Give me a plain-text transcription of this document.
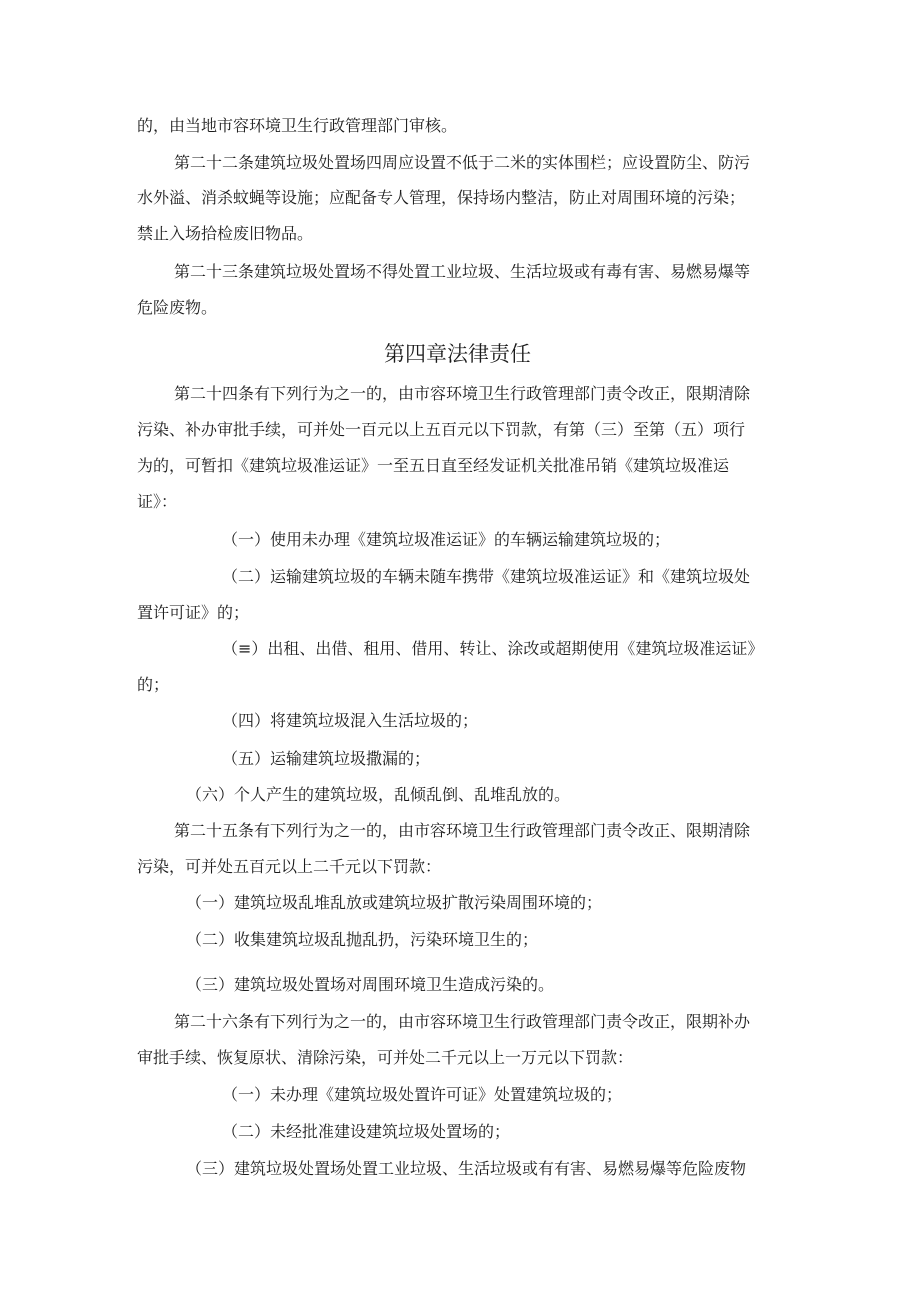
的，由当地市容环境卫生行政管理部门审核。
第二十二条建筑垃圾处置场四周应设置不低于二米的实体围栏；应设置防尘、防污
水外溢、消杀蚊蝇等设施；应配备专人管理，保持场内整洁，防止对周围环境的污染；
禁止入场拾检废旧物品。
第二十三条建筑垃圾处置场不得处置工业垃圾、生活垃圾或有毒有害、易燃易爆等
危险废物。
第四章法律责任
第二十四条有下列行为之一的，由市容环境卫生行政管理部门责令改正，限期清除
污染、补办审批手续，可并处一百元以上五百元以下罚款，有第（三）至第（五）项行
为的，可暂扣《建筑垃圾准运证》一至五日直至经发证机关批准吊销《建筑垃圾准运
证》：
（一）使用未办理《建筑垃圾准运证》的车辆运输建筑垃圾的；
（二）运输建筑垃圾的车辆未随车携带《建筑垃圾准运证》和《建筑垃圾处
置许可证》的；
（≡）出租、出借、租用、借用、转让、涂改或超期使用《建筑垃圾准运证》
的；
（四）将建筑垃圾混入生活垃圾的；
（五）运输建筑垃圾撒漏的；
（六）个人产生的建筑垃圾，乱倾乱倒、乱堆乱放的。
第二十五条有下列行为之一的，由市容环境卫生行政管理部门责令改正、限期清除
污染，可并处五百元以上二千元以下罚款：
（一）建筑垃圾乱堆乱放或建筑垃圾扩散污染周围环境的；
（二）收集建筑垃圾乱抛乱扔，污染环境卫生的；
（三）建筑垃圾处置场对周围环境卫生造成污染的。
第二十六条有下列行为之一的，由市容环境卫生行政管理部门责令改正，限期补办
审批手续、恢复原状、清除污染，可并处二千元以上一万元以下罚款：
（一）未办理《建筑垃圾处置许可证》处置建筑垃圾的；
（二）未经批准建设建筑垃圾处置场的；
（三）建筑垃圾处置场处置工业垃圾、生活垃圾或有有害、易燃易爆等危险废物
